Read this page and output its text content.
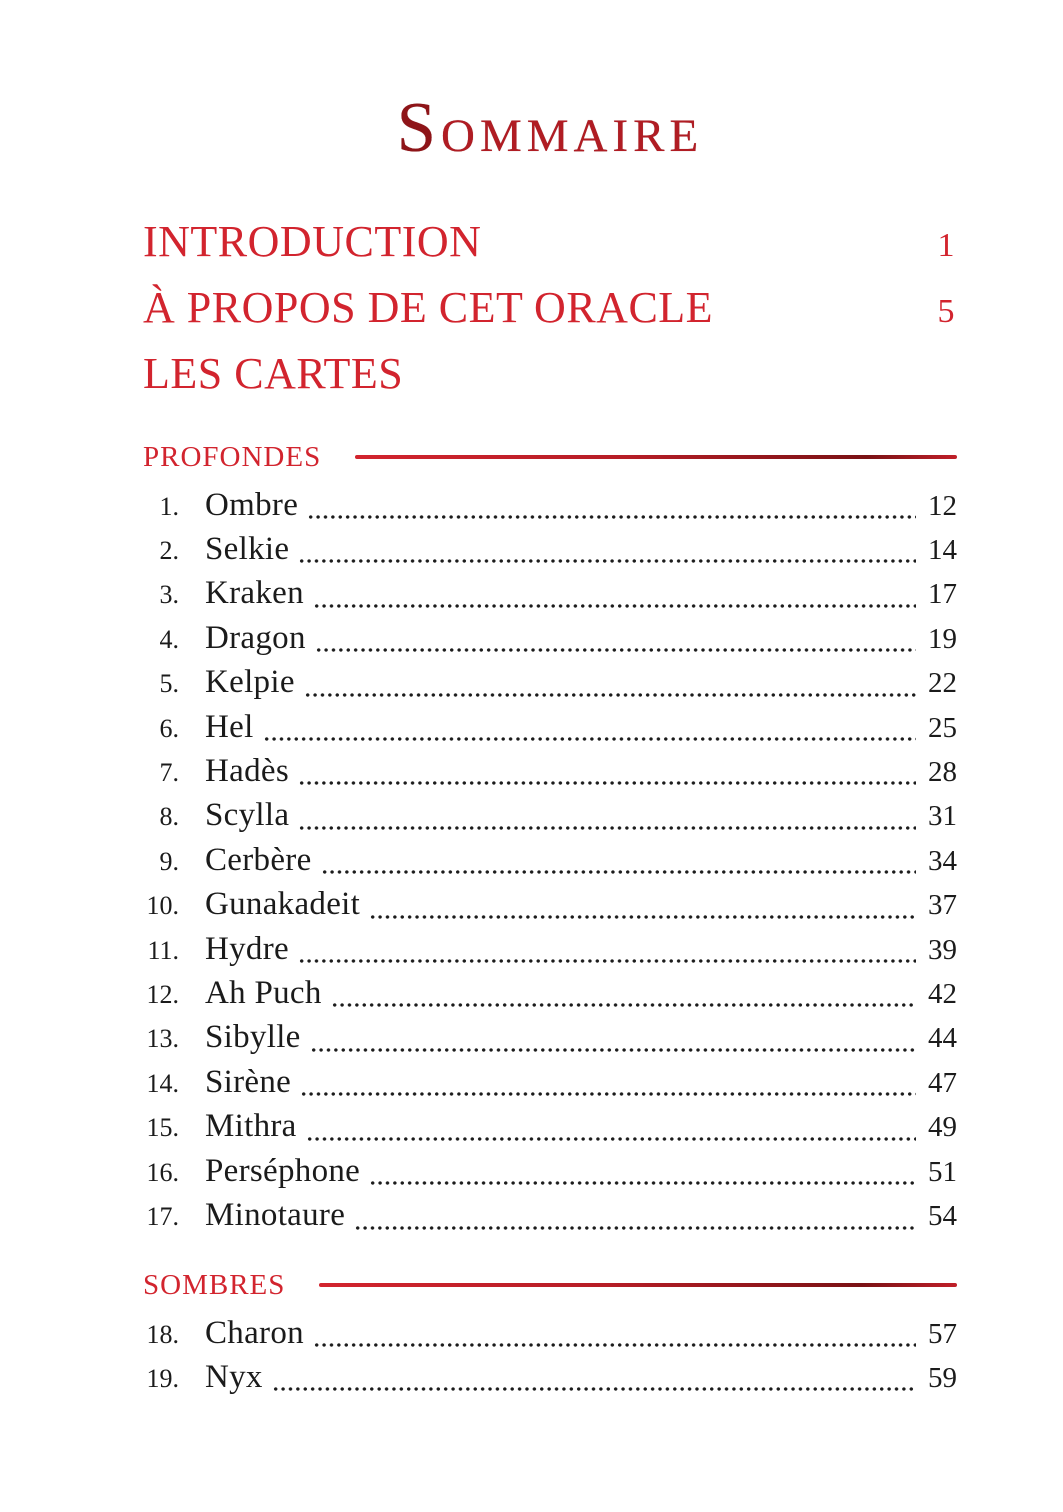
SOMMAIRE
INTRODUCTION	1
À PROPOS DE CET ORACLE	5
LES CARTES
PROFONDES
1. Ombre	12
2. Selkie	14
3. Kraken	17
4. Dragon	19
5. Kelpie	22
6. Hel	25
7. Hadès	28
8. Scylla	31
9. Cerbère	34
10. Gunakadeit	37
11. Hydre	39
12. Ah Puch	42
13. Sibylle	44
14. Sirène	47
15. Mithra	49
16. Perséphone	51
17. Minotaure	54
SOMBRES
18. Charon	57
19. Nyx	59
